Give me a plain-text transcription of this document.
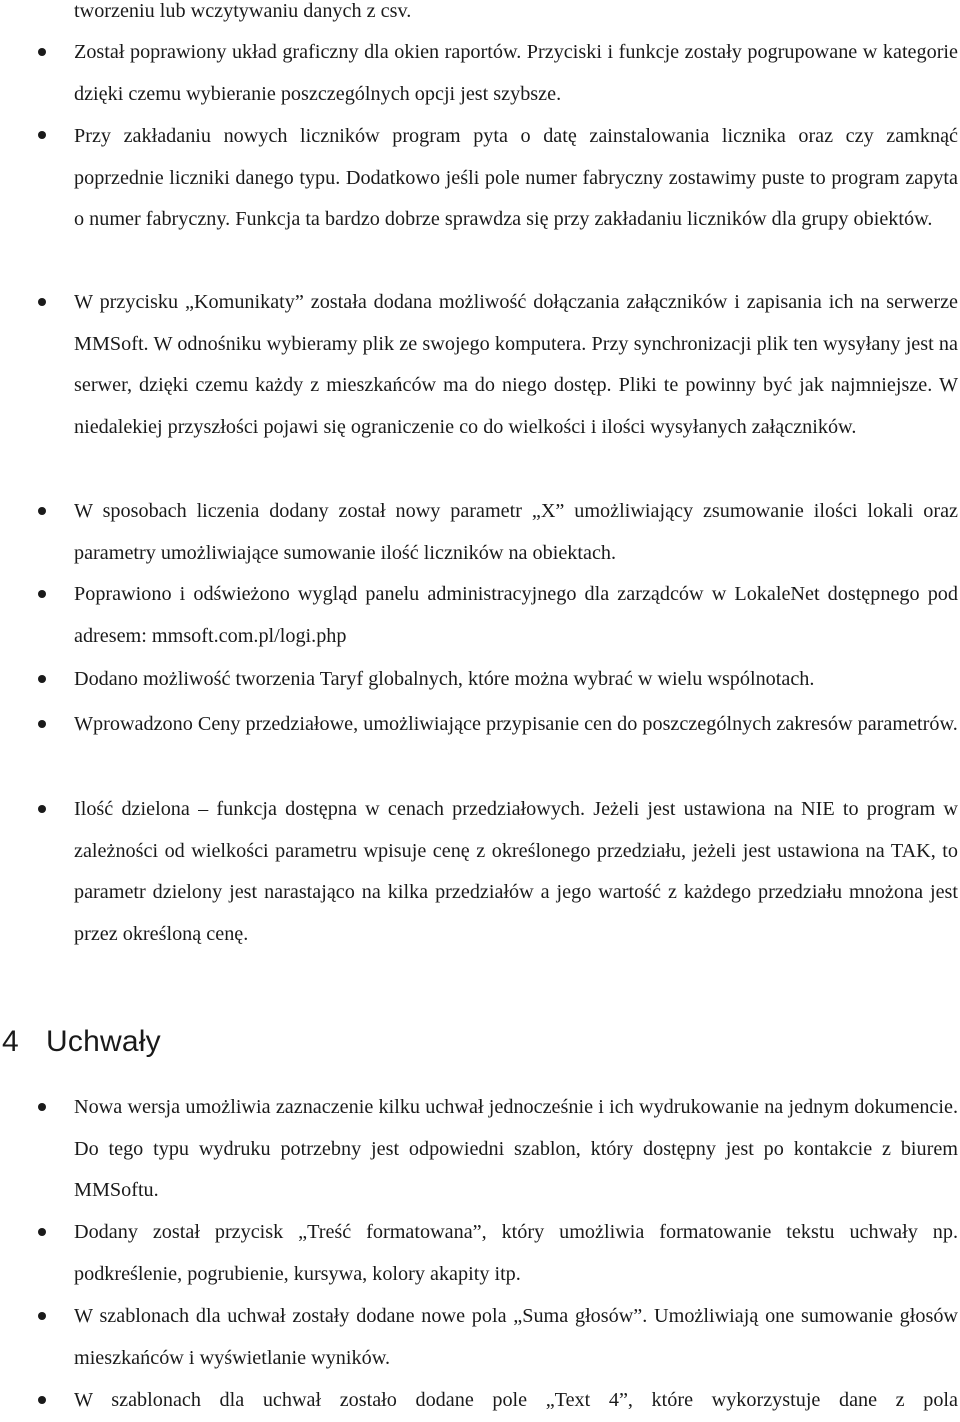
tworzeniu lub wczytywaniu danych z csv.

Został poprawiony układ graficzny dla okien raportów. Przyciski i funkcje zostały pogrupowane w kategorie dzięki czemu wybieranie poszczególnych opcji jest szybsze.

Przy zakładaniu nowych liczników program pyta o datę zainstalowania licznika oraz czy zamknąć poprzednie liczniki danego typu. Dodatkowo jeśli pole numer fabryczny zostawimy puste to program zapyta o numer fabryczny. Funkcja ta bardzo dobrze sprawdza się przy zakładaniu liczników dla grupy obiektów.

W przycisku „Komunikaty” została dodana możliwość dołączania załączników i zapisania ich na serwerze MMSoft. W odnośniku wybieramy plik ze swojego komputera. Przy synchronizacji plik ten wysyłany jest na serwer, dzięki czemu każdy z mieszkańców ma do niego dostęp. Pliki te powinny być jak najmniejsze. W niedalekiej przyszłości pojawi się ograniczenie co do wielkości i ilości wysyłanych załączników.

W sposobach liczenia dodany został nowy parametr „X” umożliwiający zsumowanie ilości lokali oraz parametry umożliwiające sumowanie ilość liczników na obiektach.

Poprawiono i odświeżono wygląd panelu administracyjnego dla zarządców w LokaleNet dostępnego pod adresem: mmsoft.com.pl/logi.php

Dodano możliwość tworzenia Taryf globalnych, które można wybrać w wielu wspólnotach.

Wprowadzono Ceny przedziałowe, umożliwiające przypisanie cen do poszczególnych zakresów parametrów.

Ilość dzielona – funkcja dostępna w cenach przedziałowych. Jeżeli jest ustawiona na NIE to program w zależności od wielkości parametru wpisuje cenę z określonego przedziału, jeżeli jest ustawiona na TAK, to parametr dzielony jest narastająco na kilka przedziałów a jego wartość z każdego przedziału mnożona jest przez określoną cenę.

4 Uchwały

Nowa wersja umożliwia zaznaczenie kilku uchwał jednocześnie i ich wydrukowanie na jednym dokumencie. Do tego typu wydruku potrzebny jest odpowiedni szablon, który dostępny jest po kontakcie z biurem MMSoftu.

Dodany został przycisk „Treść formatowana”, który umożliwia formatowanie tekstu uchwały np. podkreślenie, pogrubienie, kursywa, kolory akapity itp.

W szablonach dla uchwał zostały dodane nowe pola „Suma głosów”. Umożliwiają one sumowanie głosów mieszkańców i wyświetlanie wyników.

W szablonach dla uchwał zostało dodane pole „Text 4”, które wykorzystuje dane z pola
